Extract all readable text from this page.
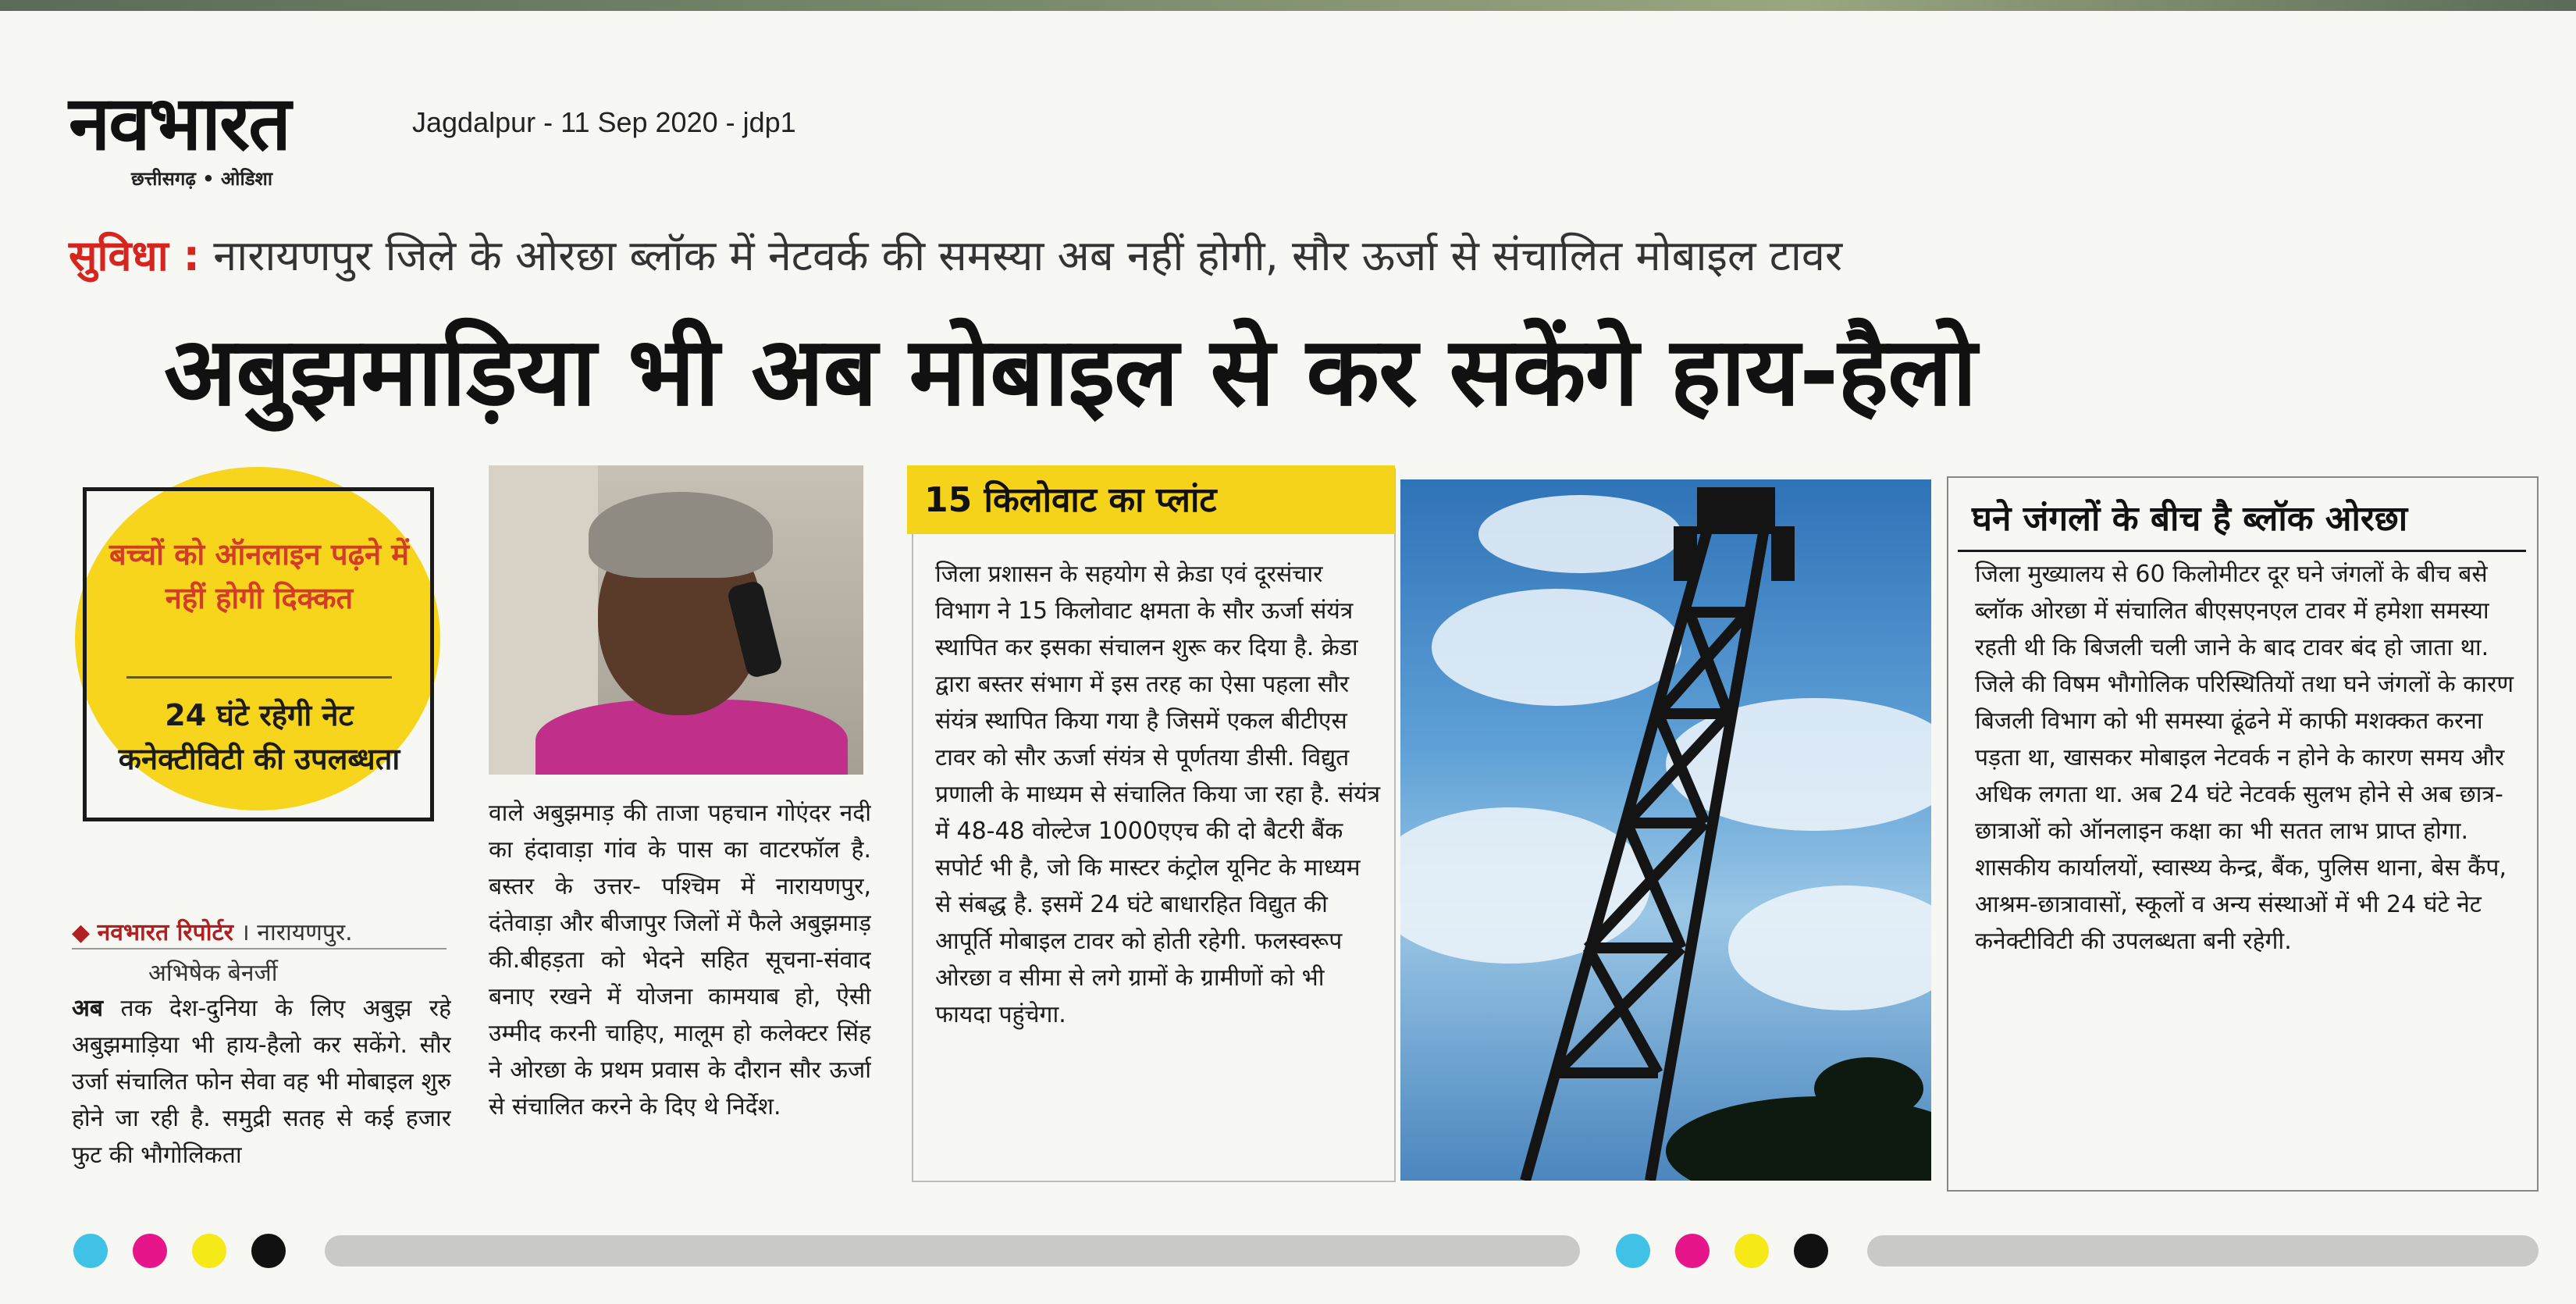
नवभारत
छत्तीसगढ़ • ओडिशा
Jagdalpur - 11 Sep 2020 - jdp1
सुविधा : नारायणपुर जिले के ओरछा ब्लॉक में नेटवर्क की समस्या अब नहीं होगी, सौर ऊर्जा से संचालित मोबाइल टावर
अबुझमाड़िया भी अब मोबाइल से कर सकेंगे हाय-हैलो
बच्चों को ऑनलाइन पढ़ने में नहीं होगी दिक्कत
24 घंटे रहेगी नेट कनेक्टीविटी की उपलब्धता
◆ नवभारत रिपोर्टर । नारायणपुर.
अभिषेक बेनर्जी

अब तक देश-दुनिया के लिए अबुझ रहे अबुझमाड़िया भी हाय-हैलो कर सकेंगे. सौर उर्जा संचालित फोन सेवा वह भी मोबाइल शुरु होने जा रही है. समुद्री सतह से कई हजार फुट की भौगोलिकता

वाले अबुझमाड़ की ताजा पहचान गोएंदर नदी का हंदावाड़ा गांव के पास का वाटरफॉल है. बस्तर के उत्तर- पश्चिम में नारायणपुर, दंतेवाड़ा और बीजापुर जिलों में फैले अबुझमाड़ की.बीहड़ता को भेदने सहित सूचना-संवाद बनाए रखने में योजना कामयाब हो, ऐसी उम्मीद करनी चाहिए, मालूम हो कलेक्टर सिंह ने ओरछा के प्रथम प्रवास के दौरान सौर ऊर्जा से संचालित करने के दिए थे निर्देश.

15 किलोवाट का प्लांट

जिला प्रशासन के सहयोग से क्रेडा एवं दूरसंचार विभाग ने 15 किलोवाट क्षमता के सौर ऊर्जा संयंत्र स्थापित कर इसका संचालन शुरू कर दिया है. क्रेडा द्वारा बस्तर संभाग में इस तरह का ऐसा पहला सौर संयंत्र स्थापित किया गया है जिसमें एकल बीटीएस टावर को सौर ऊर्जा संयंत्र से पूर्णतया डीसी. विद्युत प्रणाली के माध्यम से संचालित किया जा रहा है. संयंत्र में 48-48 वोल्टेज 1000एएच की दो बैटरी बैंक सपोर्ट भी है, जो कि मास्टर कंट्रोल यूनिट के माध्यम से संबद्ध है. इसमें 24 घंटे बाधारहित विद्युत की आपूर्ति मोबाइल टावर को होती रहेगी. फलस्वरूप ओरछा व सीमा से लगे ग्रामों के ग्रामीणों को भी फायदा पहुंचेगा.

घने जंगलों के बीच है ब्लॉक ओरछा

जिला मुख्यालय से 60 किलोमीटर दूर घने जंगलों के बीच बसे ब्लॉक ओरछा में संचालित बीएसएनएल टावर में हमेशा समस्या रहती थी कि बिजली चली जाने के बाद टावर बंद हो जाता था. जिले की विषम भौगोलिक परिस्थितियों तथा घने जंगलों के कारण बिजली विभाग को भी समस्या ढूंढने में काफी मशक्कत करना पड़ता था, खासकर मोबाइल नेटवर्क न होने के कारण समय और अधिक लगता था. अब 24 घंटे नेटवर्क सुलभ होने से अब छात्र-छात्राओं को ऑनलाइन कक्षा का भी सतत लाभ प्राप्त होगा. शासकीय कार्यालयों, स्वास्थ्य केन्द्र, बैंक, पुलिस थाना, बेस कैंप, आश्रम-छात्रावासों, स्कूलों व अन्य संस्थाओं में भी 24 घंटे नेट कनेक्टीविटी की उपलब्धता बनी रहेगी.
